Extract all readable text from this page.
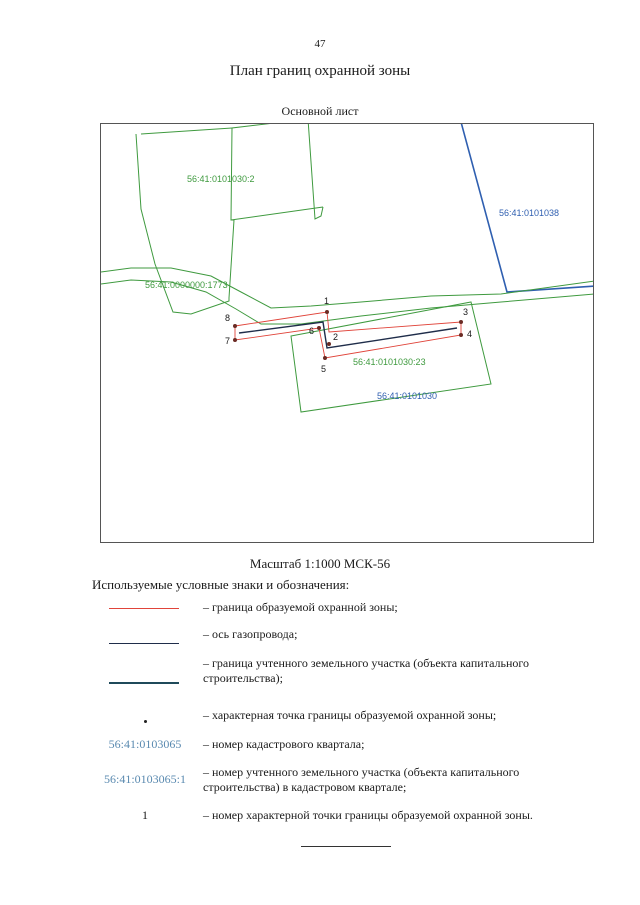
47
План границ охранной зоны
Основной лист
1
2
3
4
5
6
7
8
56:41:0101030:2
56:41:0101038
56:41:0000000:1773
56:41:0101030:23
56:41:0101030
Масштаб 1:1000 МСК-56
Используемые условные знаки и обозначения:
– граница образуемой охранной зоны;
– ось газопровода;
– граница учтенного земельного участка (объекта капитального строительства);
– характерная точка границы образуемой охранной зоны;
56:41:0103065	– номер кадастрового квартала;
56:41:0103065:1	– номер учтенного земельного участка (объекта капитального строительства) в кадастровом квартале;
1	– номер характерной точки границы образуемой охранной зоны.
